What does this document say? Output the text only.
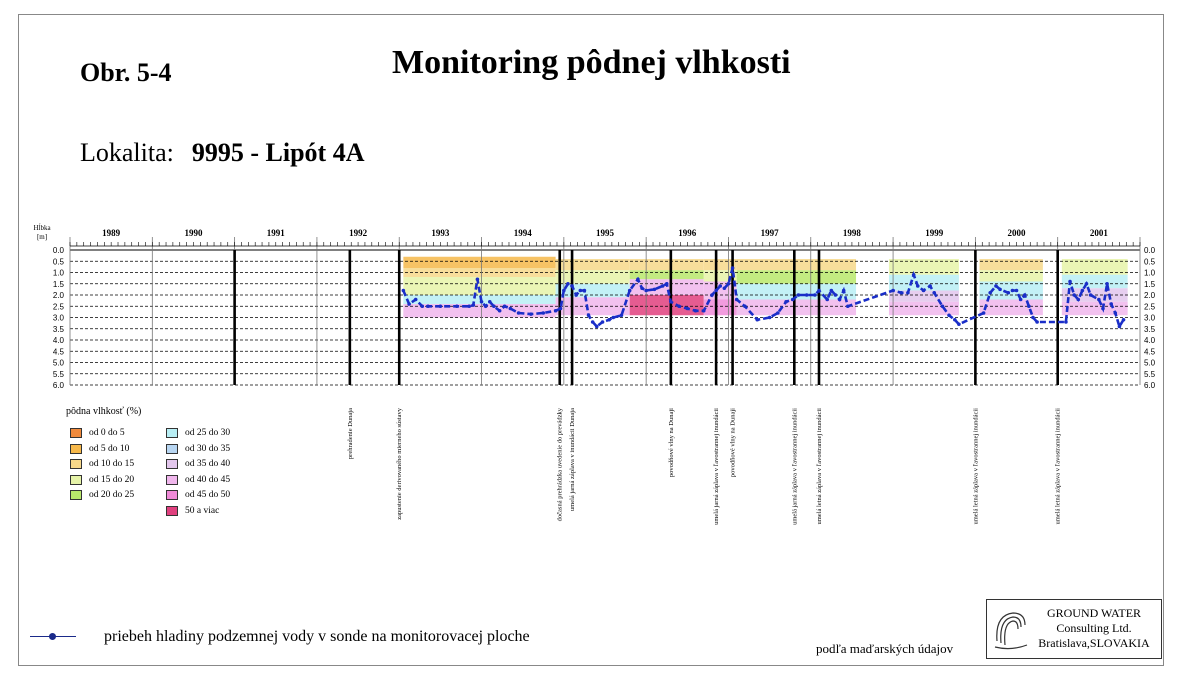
Obr. 5-4	Monitoring pôdnej vlhkosti
Lokalita: 9995 - Lipót 4A
0.0	0.0
0.5	0.5
1.0	1.0
1.5	1.5
2.0	2.0
2.5	2.5
3.0	3.0
3.5	3.5
4.0	4.0
4.5	4.5
5.0	5.0
5.5	5.5
6.0	6.0
1989	1990	1991	1992	1993	1994	1995	1996	1997	1998	1999	2000	2001
Hĺbka
[m]
prehradenie Dunaja	zapustenie derivovaného mierneho sústavy	dočasná prehrádzka uvedenie do prevádzky umelá jarná záplava v inundácii Dunaja	povodňové vlny na Dunaji	umelá jarná záplava v ľavostrannej inundácii povodňové vlny na Dunaji	umelá jarná záplava v ľavostrannej inundácii	umelá letná záplava v ľavostrannej inundácii	umelá letná záplava v ľavostrannej inundácii	umelá letná záplava v ľavostrannej inundácii
pôdna vlhkosť (%)
od 0 do 5
od 5 do 10
od 10 do 15
od 15 do 20
od 20 do 25
od 25 do 30
od 30 do 35
od 35 do 40
od 40 do 45
od 45 do 50
50 a viac
priebeh hladiny podzemnej vody v sonde na monitorovacej ploche
podľa maďarských údajov
GROUND WATER
Consulting Ltd.
Bratislava,SLOVAKIA
